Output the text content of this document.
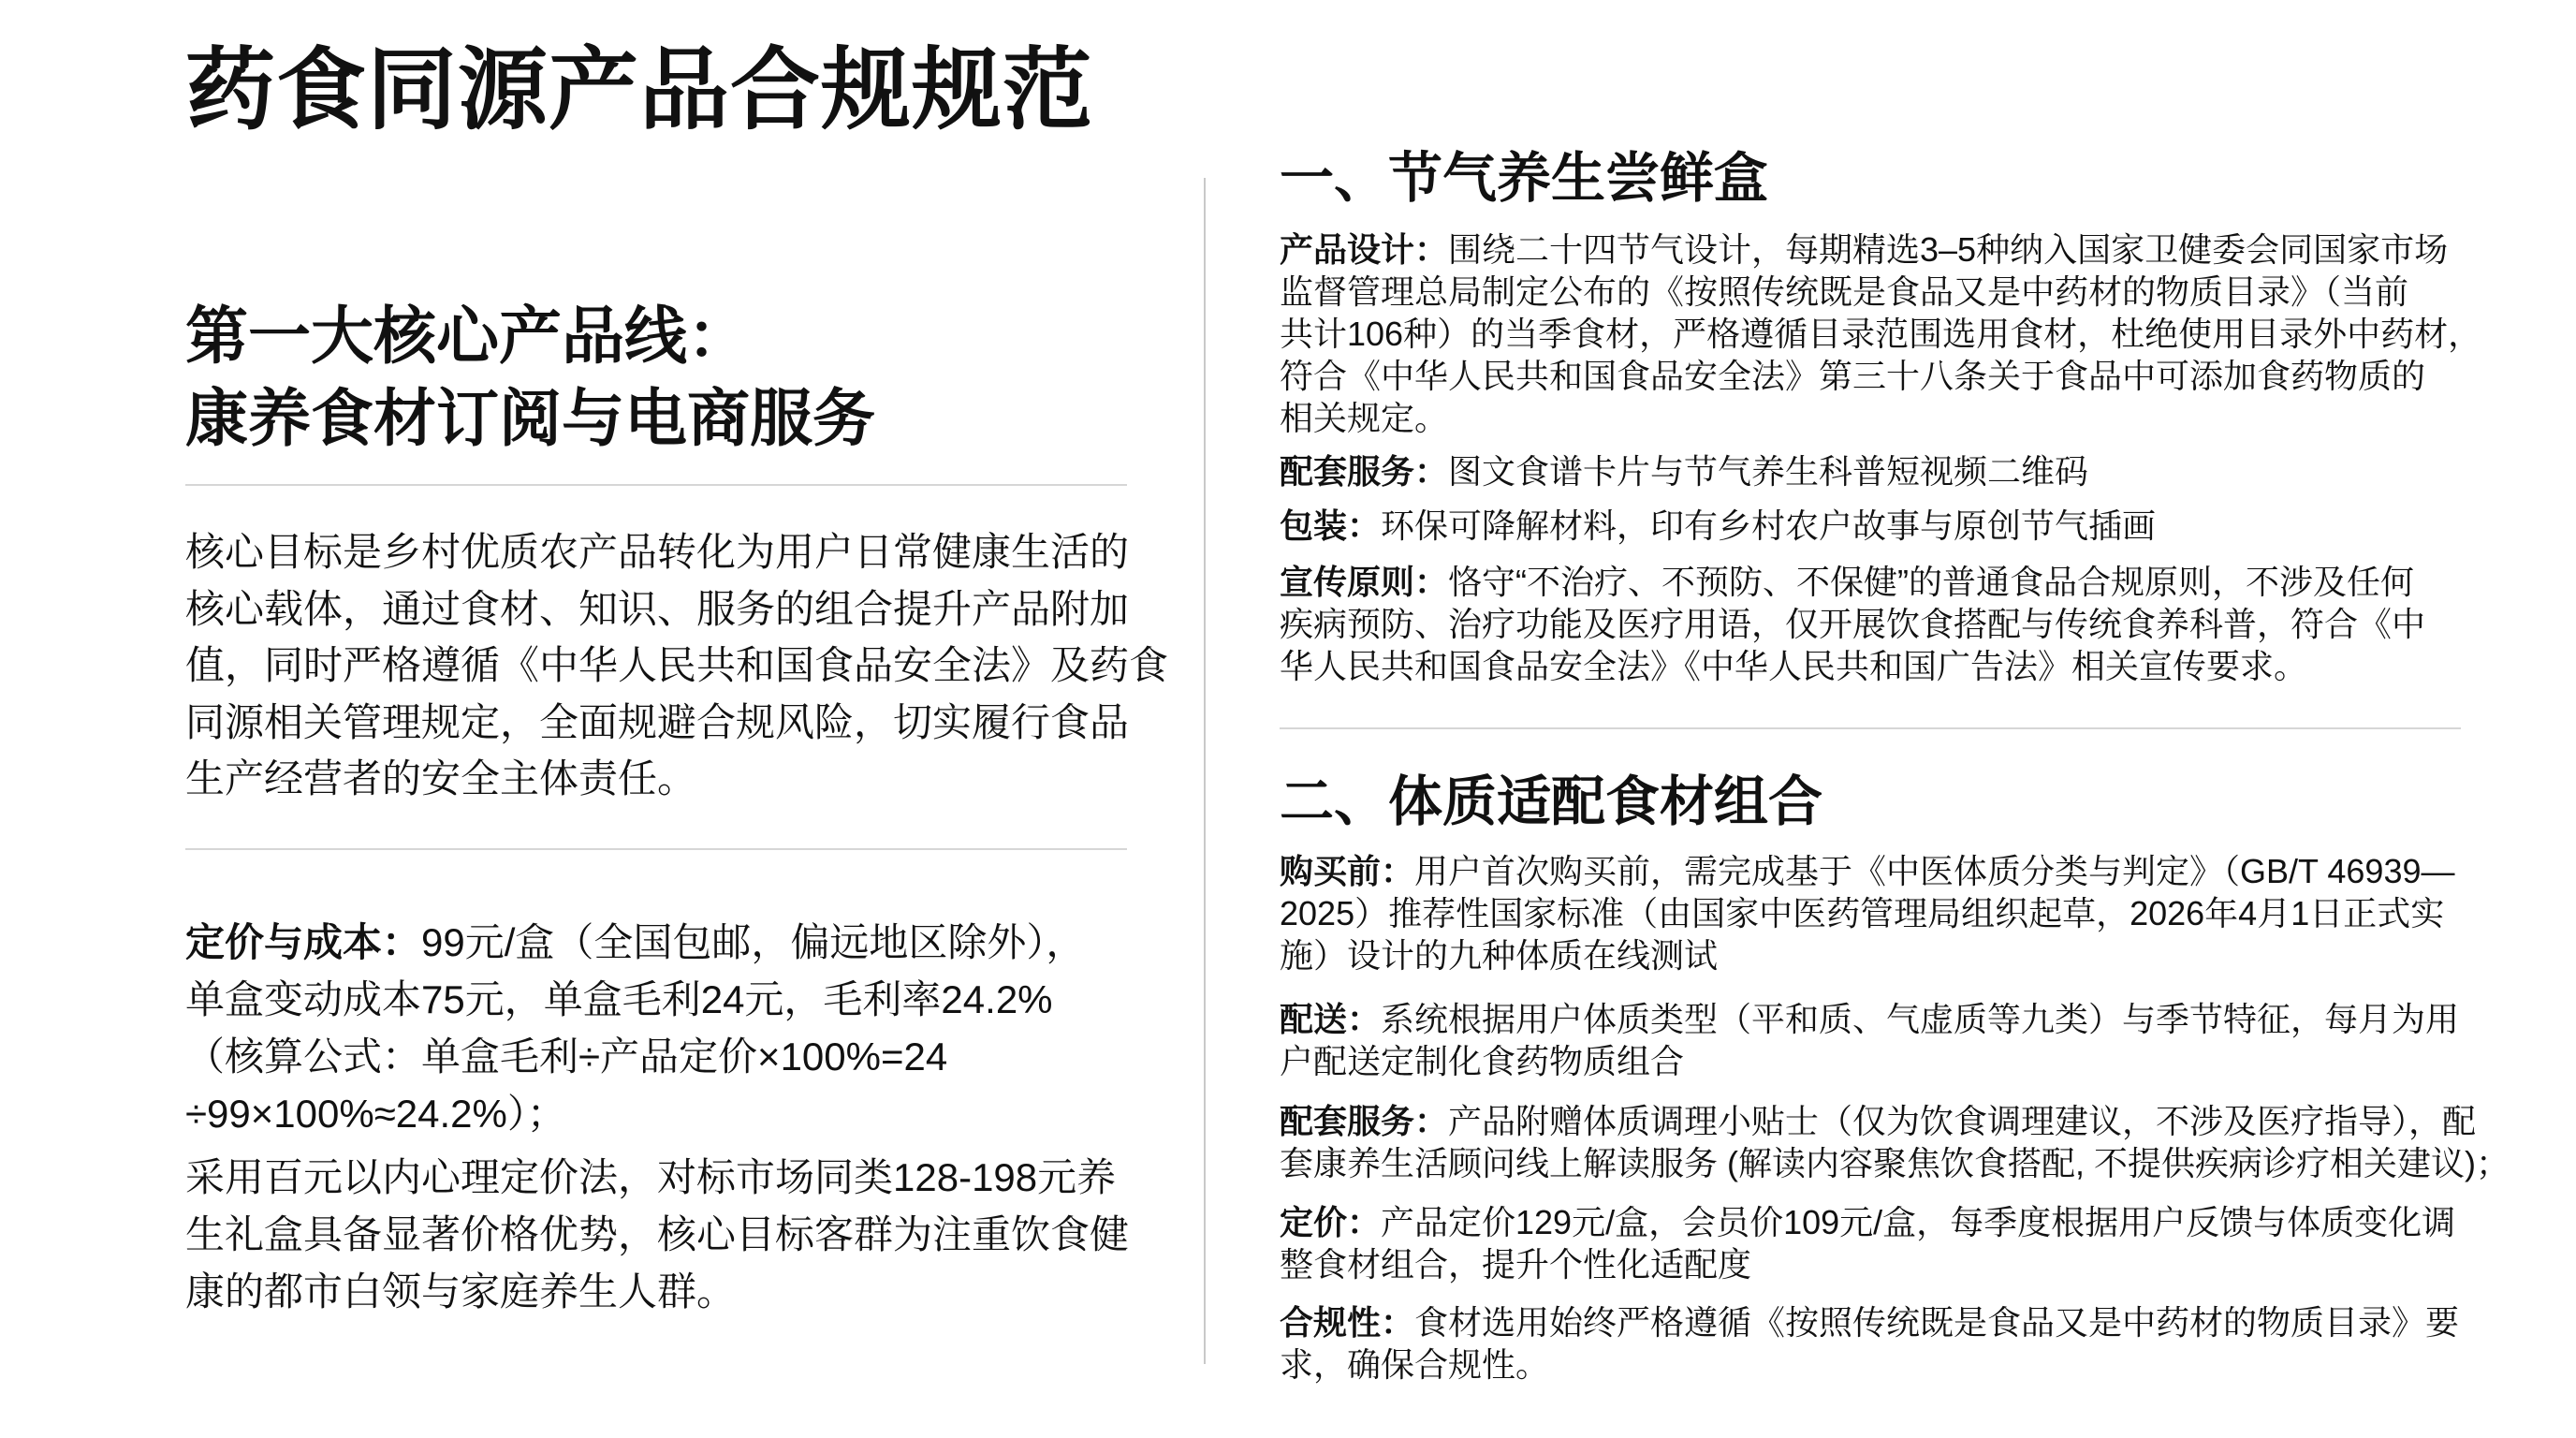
药食同源产品合规规范
第一大核心产品线：
康养食材订阅与电商服务
核心目标是乡村优质农产品转化为用户日常健康生活的
核心载体，通过食材、知识、服务的组合提升产品附加
值，同时严格遵循《中华人民共和国食品安全法》及药食
同源相关管理规定，全面规避合规风险，切实履行食品
生产经营者的安全主体责任。
定价与成本：99元/盒（全国包邮，偏远地区除外），
单盒变动成本75元，单盒毛利24元，毛利率24.2%
（核算公式：单盒毛利÷产品定价×100%=24
÷99×100%≈24.2%）；
采用百元以内心理定价法，对标市场同类128-198元养
生礼盒具备显著价格优势，核心目标客群为注重饮食健
康的都市白领与家庭养生人群。
一、节气养生尝鲜盒
产品设计：围绕二十四节气设计，每期精选3–5种纳入国家卫健委会同国家市场
监督管理总局制定公布的《按照传统既是食品又是中药材的物质目录》（当前
共计106种）的当季食材，严格遵循目录范围选用食材，杜绝使用目录外中药材，
符合《中华人民共和国食品安全法》第三十八条关于食品中可添加食药物质的
相关规定。
配套服务：图文食谱卡片与节气养生科普短视频二维码
包装：环保可降解材料，印有乡村农户故事与原创节气插画
宣传原则：恪守“不治疗、不预防、不保健”的普通食品合规原则，不涉及任何
疾病预防、治疗功能及医疗用语，仅开展饮食搭配与传统食养科普，符合《中
华人民共和国食品安全法》《中华人民共和国广告法》相关宣传要求。
二、体质适配食材组合
购买前：用户首次购买前，需完成基于《中医体质分类与判定》（GB/T 46939—
2025）推荐性国家标准（由国家中医药管理局组织起草，2026年4月1日正式实
施）设计的九种体质在线测试
配送：系统根据用户体质类型（平和质、气虚质等九类）与季节特征，每月为用
户配送定制化食药物质组合
配套服务：产品附赠体质调理小贴士（仅为饮食调理建议，不涉及医疗指导），配
套康养生活顾问线上解读服务 (解读内容聚焦饮食搭配, 不提供疾病诊疗相关建议)；
定价：产品定价129元/盒，会员价109元/盒，每季度根据用户反馈与体质变化调
整食材组合，提升个性化适配度
合规性：食材选用始终严格遵循《按照传统既是食品又是中药材的物质目录》要
求，确保合规性。
